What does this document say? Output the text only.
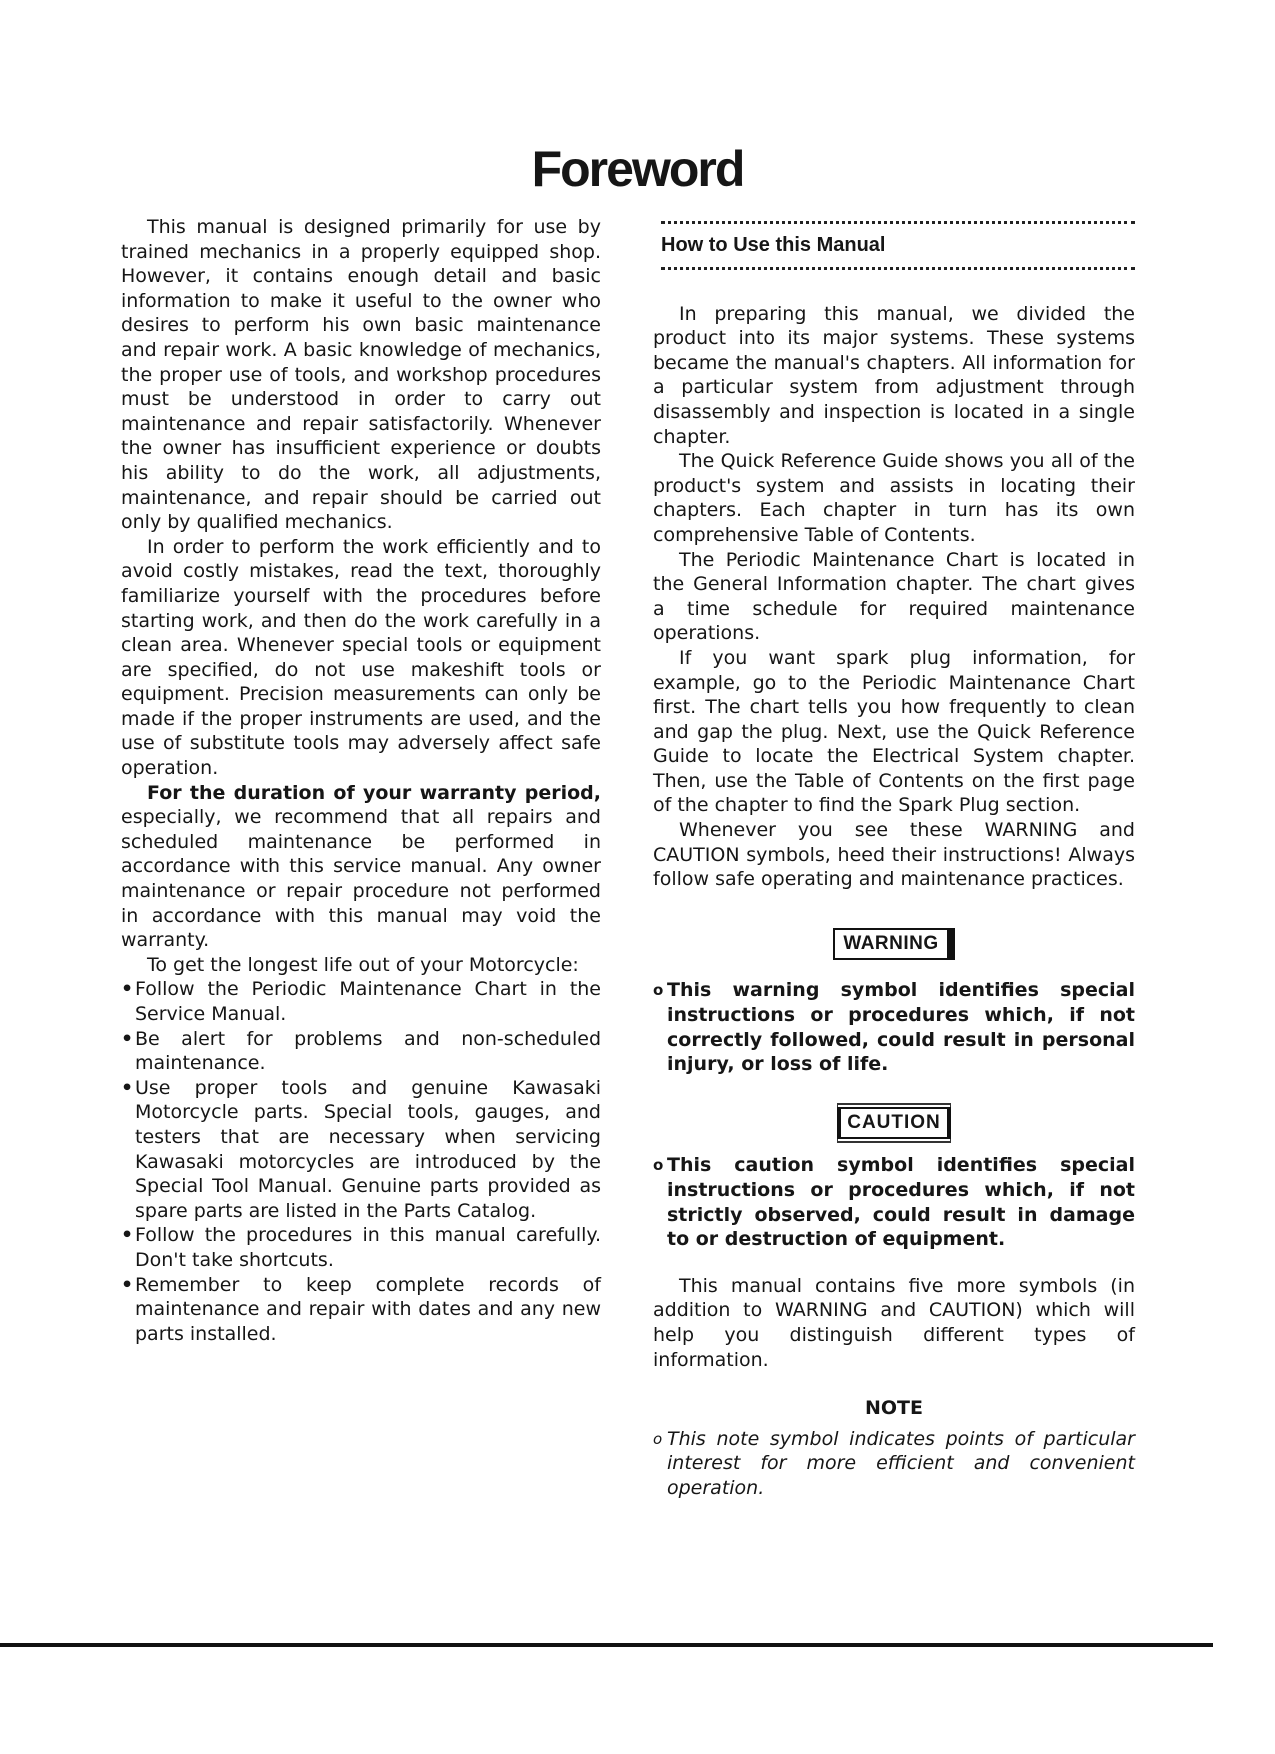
Foreword

This manual is designed primarily for use by trained mechanics in a properly equipped shop. However, it contains enough detail and basic information to make it useful to the owner who desires to perform his own basic maintenance and repair work. A basic knowledge of mechanics, the proper use of tools, and workshop procedures must be understood in order to carry out maintenance and repair satisfactorily. Whenever the owner has insufficient experience or doubts his ability to do the work, all adjustments, maintenance, and repair should be carried out only by qualified mechanics.

In order to perform the work efficiently and to avoid costly mistakes, read the text, thoroughly familiarize yourself with the procedures before starting work, and then do the work carefully in a clean area. Whenever special tools or equipment are specified, do not use makeshift tools or equipment. Precision measurements can only be made if the proper instruments are used, and the use of substitute tools may adversely affect safe operation.

For the duration of your warranty period, especially, we recommend that all repairs and scheduled maintenance be performed in accordance with this service manual. Any owner maintenance or repair procedure not performed in accordance with this manual may void the warranty.

To get the longest life out of your Motorcycle:

• Follow the Periodic Maintenance Chart in the Service Manual.
• Be alert for problems and non-scheduled maintenance.
• Use proper tools and genuine Kawasaki Motorcycle parts. Special tools, gauges, and testers that are necessary when servicing Kawasaki motorcycles are introduced by the Special Tool Manual. Genuine parts provided as spare parts are listed in the Parts Catalog.
• Follow the procedures in this manual carefully. Don't take shortcuts.
• Remember to keep complete records of maintenance and repair with dates and any new parts installed.
How to Use this Manual

In preparing this manual, we divided the product into its major systems. These systems became the manual's chapters. All information for a particular system from adjustment through disassembly and inspection is located in a single chapter.

The Quick Reference Guide shows you all of the product's system and assists in locating their chapters. Each chapter in turn has its own comprehensive Table of Contents.

The Periodic Maintenance Chart is located in the General Information chapter. The chart gives a time schedule for required maintenance operations.

If you want spark plug information, for example, go to the Periodic Maintenance Chart first. The chart tells you how frequently to clean and gap the plug. Next, use the Quick Reference Guide to locate the Electrical System chapter. Then, use the Table of Contents on the first page of the chapter to find the Spark Plug section.

Whenever you see these WARNING and CAUTION symbols, heed their instructions! Always follow safe operating and maintenance practices.

WARNING
o This warning symbol identifies special instructions or procedures which, if not correctly followed, could result in personal injury, or loss of life.
CAUTION
o This caution symbol identifies special instructions or procedures which, if not strictly observed, could result in damage to or destruction of equipment.

This manual contains five more symbols (in addition to WARNING and CAUTION) which will help you distinguish different types of information.

NOTE
o This note symbol indicates points of particular interest for more efficient and convenient operation.
